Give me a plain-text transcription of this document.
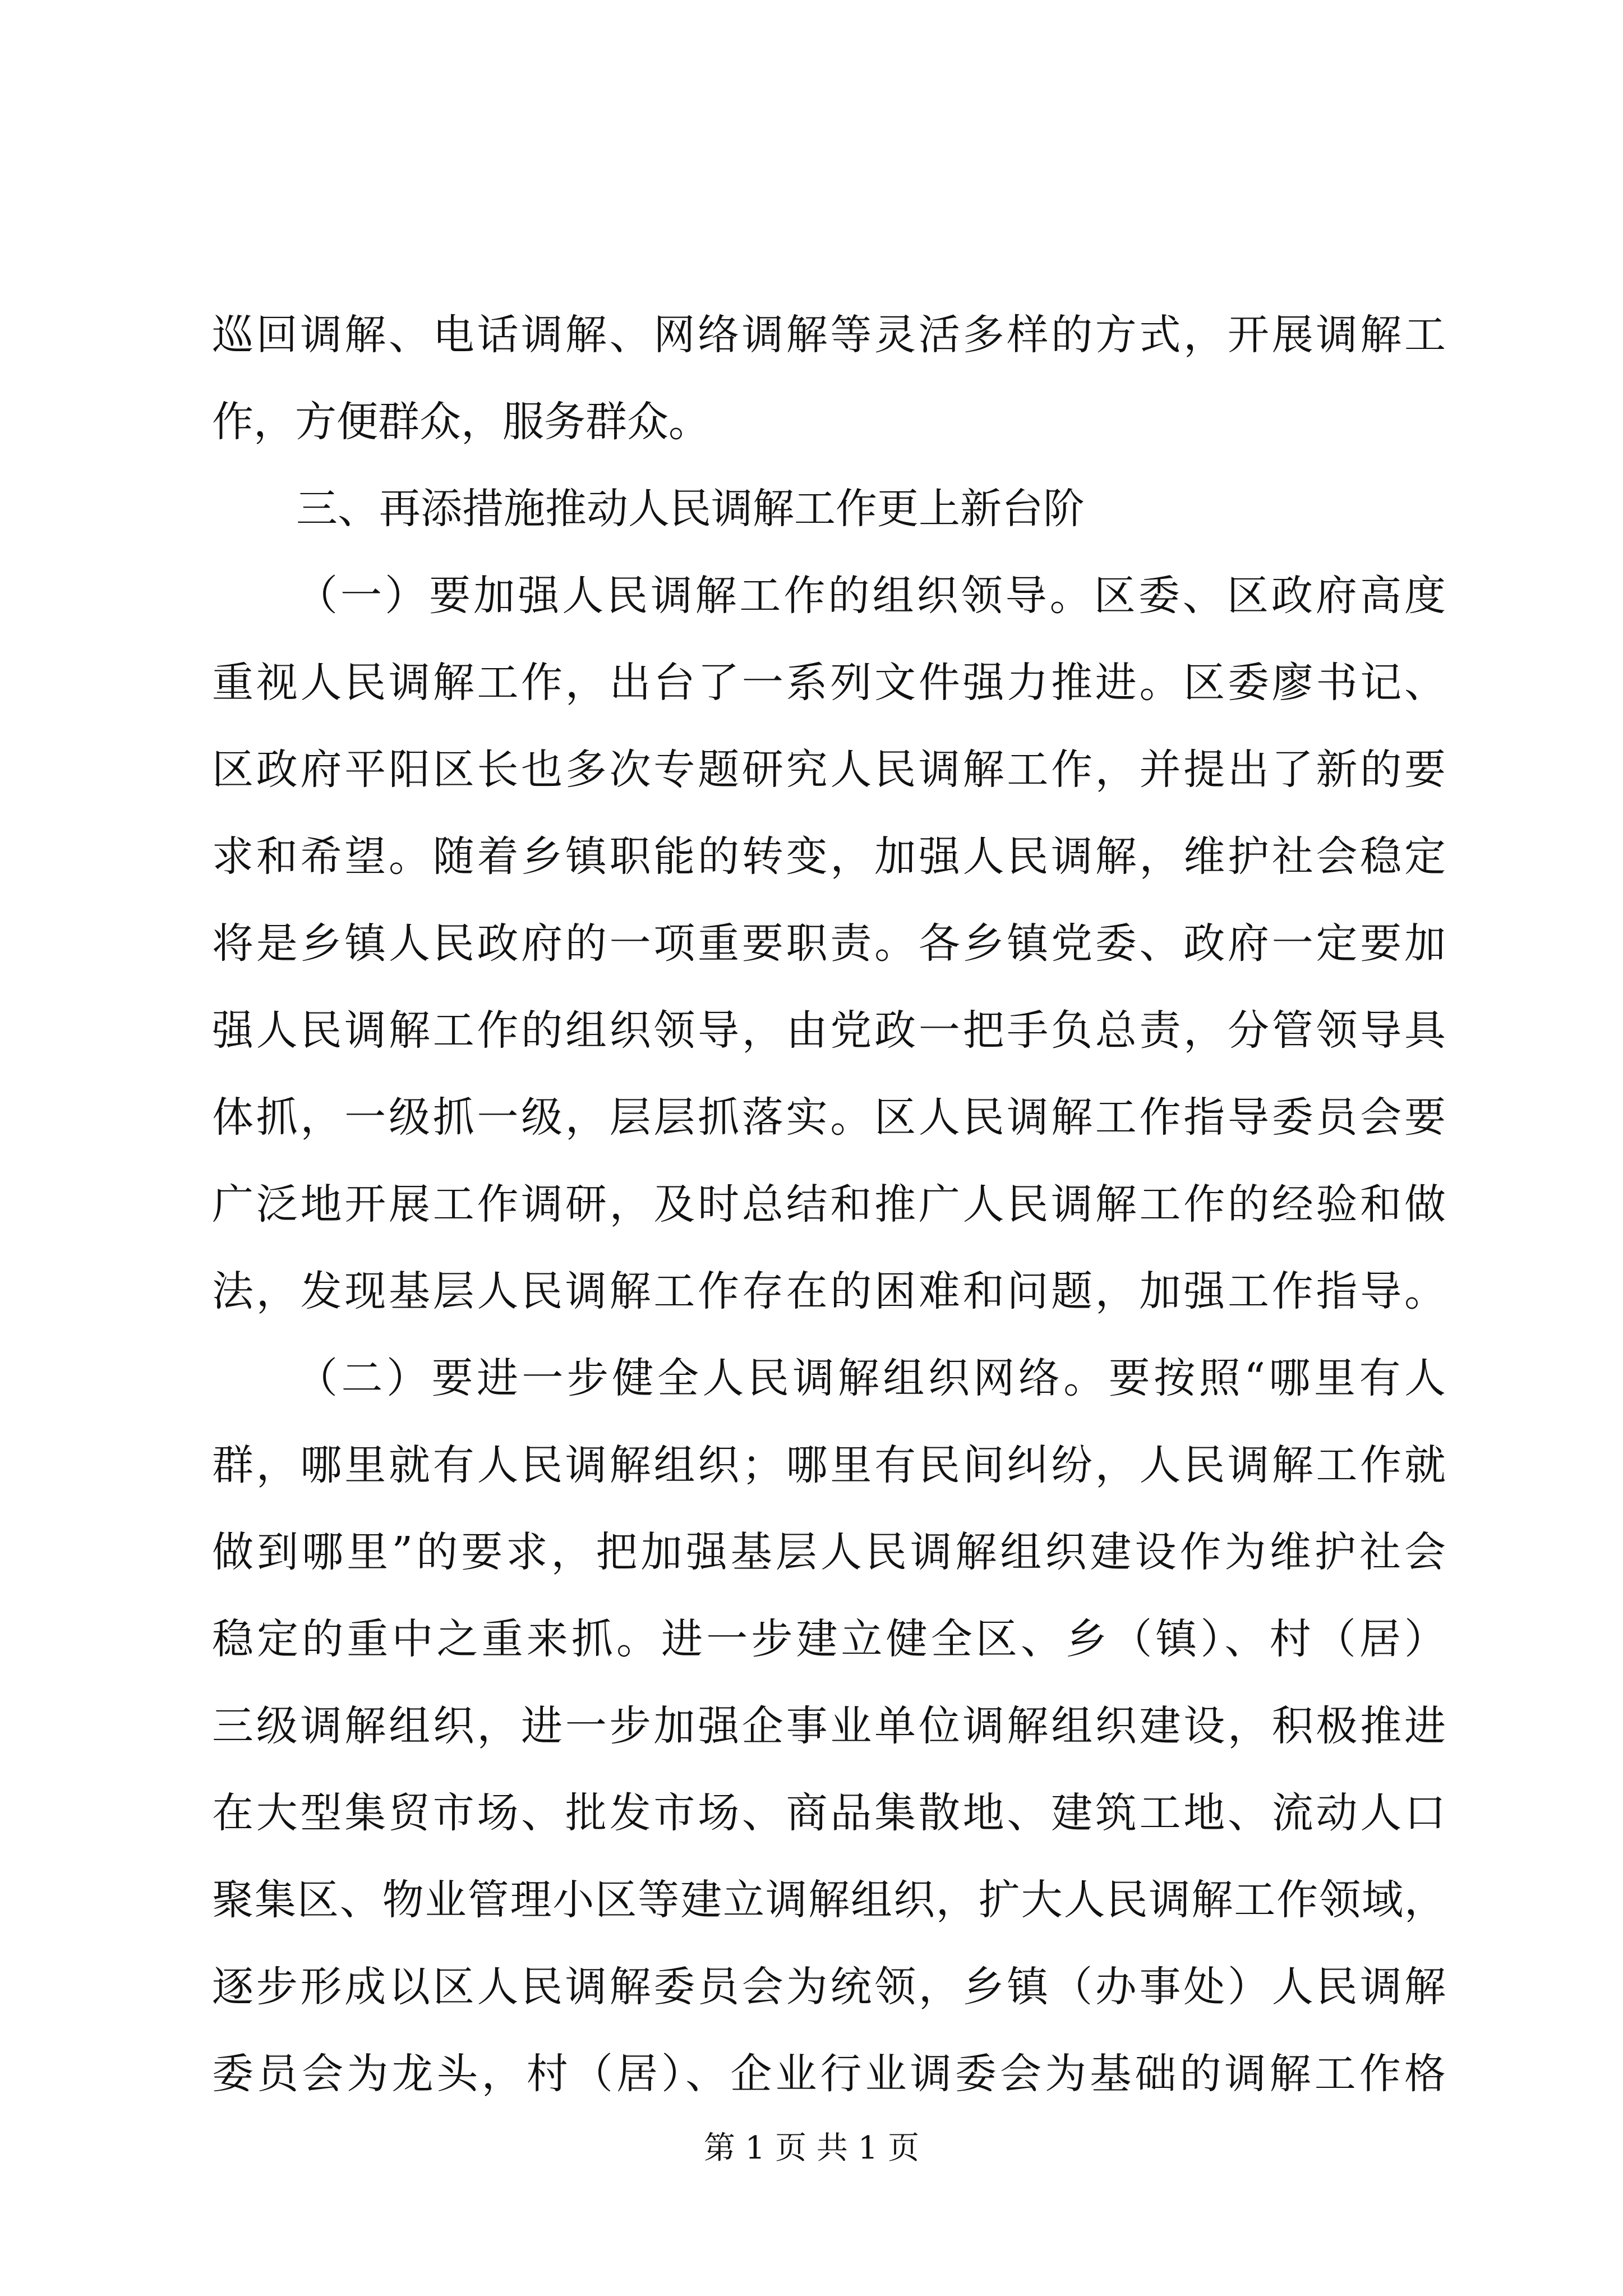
巡回调解、电话调解、网络调解等灵活多样的方式，开展调解工
作，方便群众，服务群众。
三、再添措施推动人民调解工作更上新台阶
（一）要加强人民调解工作的组织领导。区委、区政府高度
重视人民调解工作，出台了一系列文件强力推进。区委廖书记、
区政府平阳区长也多次专题研究人民调解工作，并提出了新的要
求和希望。随着乡镇职能的转变，加强人民调解，维护社会稳定
将是乡镇人民政府的一项重要职责。各乡镇党委、政府一定要加
强人民调解工作的组织领导，由党政一把手负总责，分管领导具
体抓，一级抓一级，层层抓落实。区人民调解工作指导委员会要
广泛地开展工作调研，及时总结和推广人民调解工作的经验和做
法，发现基层人民调解工作存在的困难和问题，加强工作指导。
（二）要进一步健全人民调解组织网络。要按照“哪里有人
群，哪里就有人民调解组织；哪里有民间纠纷，人民调解工作就
做到哪里”的要求，把加强基层人民调解组织建设作为维护社会
稳定的重中之重来抓。进一步建立健全区、乡（镇）、村（居）
三级调解组织，进一步加强企事业单位调解组织建设，积极推进
在大型集贸市场、批发市场、商品集散地、建筑工地、流动人口
聚集区、物业管理小区等建立调解组织，扩大人民调解工作领域，
逐步形成以区人民调解委员会为统领，乡镇（办事处）人民调解
委员会为龙头，村（居）、企业行业调委会为基础的调解工作格
第 1 页 共 1 页
